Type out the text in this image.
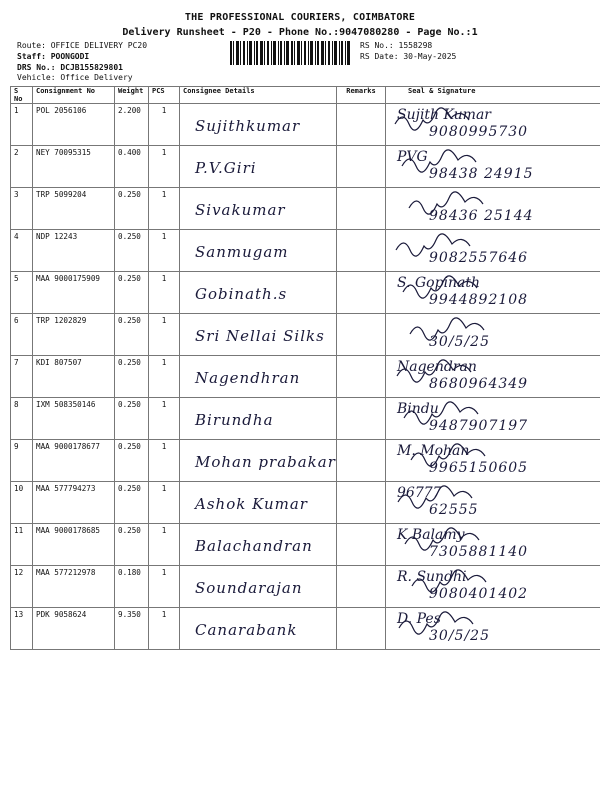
THE PROFESSIONAL COURIERS, COIMBATORE
Delivery Runsheet - P20 - Phone No.:9047080280 - Page No.:1
Route: OFFICE DELIVERY PC20
Staff: POONGODI
DRS No.: DCJB155829801
Vehicle: Office Delivery
RS No.: 1558298
RS Date: 30-May-2025
S No	Consignment No	Weight	PCS	Consignee Details	Remarks	Seal & Signature
1	POL 2056106	2.200	1	Sujithkumar		Sujith Kumar
9080995730

2	NEY 70095315	0.400	1	P.V.Giri		PVG
98438 24915

3	TRP 5099204	0.250	1	Sivakumar		98436 25144

4	NDP 12243	0.250	1	Sanmugam		9082557646

5	MAA 9000175909	0.250	1	Gobinath.s		S. Gopinath
9944892108

6	TRP 1202829	0.250	1	Sri Nellai Silks		30/5/25

7	KDI 807507	0.250	1	Nagendhran		Nagendran
8680964349

8	IXM 508350146	0.250	1	Birundha		Bindu
9487907197

9	MAA 9000178677	0.250	1	Mohan prabakar		M. Mohan
9965150605

10	MAA 577794273	0.250	1	Ashok Kumar		96777
62555

11	MAA 9000178685	0.250	1	Balachandran		K Balamy
7305881140

12	MAA 577212978	0.180	1	Soundarajan		R. Sundhi
9080401402

13	PDK 9058624	9.350	1	Canarabank		D. Pes
30/5/25
